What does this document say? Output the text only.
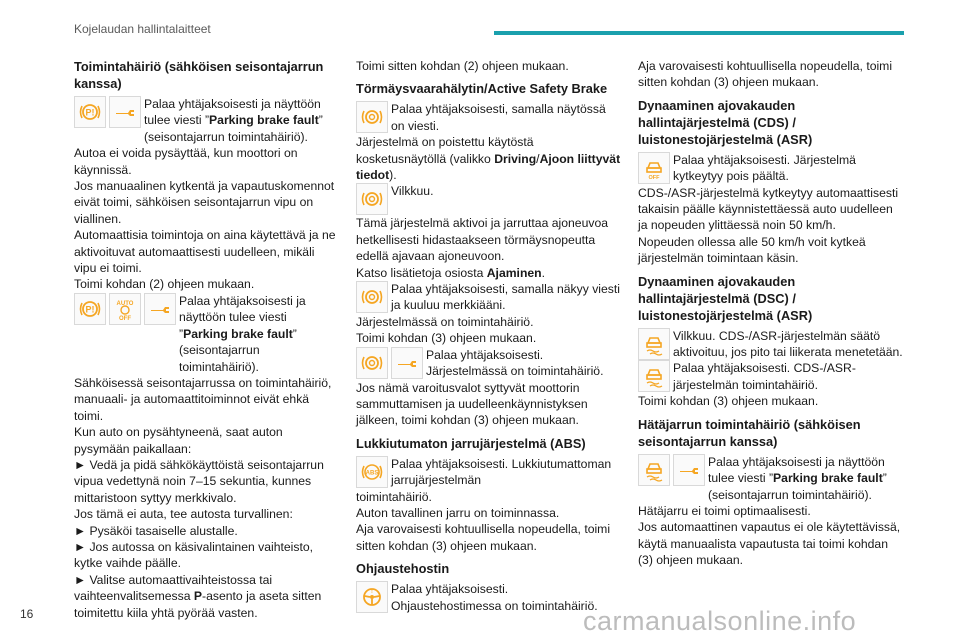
Kojelaudan hallintalaitteet
Toimintahäiriö (sähköisen seisontajarrun kanssa)
P!
Palaa yhtäjaksoisesti ja näyttöön tulee viesti ”Parking brake fault” (seisontajarrun toimintahäiriö).

Autoa ei voida pysäyttää, kun moottori on käynnissä.

Jos manuaalinen kytkentä ja vapautuskomennot eivät toimi, sähköisen seisontajarrun vipu on viallinen.

Automaattisia toimintoja on aina käytettävä ja ne aktivoituvat automaattisesti uudelleen, mikäli vipu ei toimi.

Toimi kohdan (2) ohjeen mukaan.

P!
AUTO
OFF
Palaa yhtäjaksoisesti ja näyttöön tulee viesti ”Parking brake fault” (seisontajarrun toimintahäiriö).

Sähköisessä seisontajarrussa on toimintahäiriö, manuaali- ja automaattitoiminnot eivät ehkä toimi.

Kun auto on pysähtyneenä, saat auton pysymään paikallaan:

► Vedä ja pidä sähkökäyttöistä seisontajarrun vipua vedettynä noin 7–15 sekuntia, kunnes mittaristoon syttyy merkkivalo.

Jos tämä ei auta, tee autosta turvallinen:

► Pysäköi tasaiselle alustalle.

► Jos autossa on käsivalintainen vaihteisto, kytke vaihde päälle.

► Valitse automaattivaihteistossa tai vaihteenvalitsemessa P-asento ja aseta sitten toimitettu kiila yhtä pyörää vasten.

Toimi sitten kohdan (2) ohjeen mukaan.

Törmäysvaarahälytin/Active Safety Brake
Palaa yhtäjaksoisesti, samalla näytössä on viesti.

Järjestelmä on poistettu käytöstä kosketusnäytöllä (valikko Driving/Ajoon liittyvät tiedot).

Vilkkuu.

Tämä järjestelmä aktivoi ja jarruttaa ajoneuvoa hetkellisesti hidastaakseen törmäysnopeutta edellä ajavaan ajoneuvoon.

Katso lisätietoja osiosta Ajaminen.

Palaa yhtäjaksoisesti, samalla näkyy viesti ja kuuluu merkkiääni.

Järjestelmässä on toimintahäiriö.

Toimi kohdan (3) ohjeen mukaan.

Palaa yhtäjaksoisesti. Järjestelmässä on toimintahäiriö.

Jos nämä varoitusvalot syttyvät moottorin sammuttamisen ja uudelleenkäynnistyksen jälkeen, toimi kohdan (3) ohjeen mukaan.

Lukkiutumaton jarrujärjestelmä (ABS)
ABS
Palaa yhtäjaksoisesti. Lukkiutumattoman jarrujärjestelmän

toimintahäiriö.

Auton tavallinen jarru on toiminnassa.

Aja varovaisesti kohtuullisella nopeudella, toimi sitten kohdan (3) ohjeen mukaan.

Ohjaustehostin
! Palaa yhtäjaksoisesti. Ohjaustehostimessa on toimintahäiriö.

Aja varovaisesti kohtuullisella nopeudella, toimi sitten kohdan (3) ohjeen mukaan.

Dynaaminen ajovakauden hallintajärjestelmä (CDS) / luistonestojärjestelmä (ASR)
OFF
Palaa yhtäjaksoisesti. Järjestelmä kytkeytyy pois päältä.

CDS-/ASR-järjestelmä kytkeytyy automaattisesti takaisin päälle käynnistettäessä auto uudelleen ja nopeuden ylittäessä noin 50 km/h.

Nopeuden ollessa alle 50 km/h voit kytkeä järjestelmän toimintaan käsin.

Dynaaminen ajovakauden hallintajärjestelmä (DSC) / luistonestojärjestelmä (ASR)
Vilkkuu. CDS-/ASR-järjestelmän säätö aktivoituu, jos pito tai liikerata menetetään.
Palaa yhtäjaksoisesti. CDS-/ASR-järjestelmän toimintahäiriö.

Toimi kohdan (3) ohjeen mukaan.

Hätäjarrun toimintahäiriö (sähköisen seisontajarrun kanssa)
Palaa yhtäjaksoisesti ja näyttöön tulee viesti ”Parking brake fault” (seisontajarrun toimintahäiriö).

Hätäjarru ei toimi optimaalisesti.

Jos automaattinen vapautus ei ole käytettävissä, käytä manuaalista vapautusta tai toimi kohdan (3) ohjeen mukaan.

16	carmanualsonline.info
